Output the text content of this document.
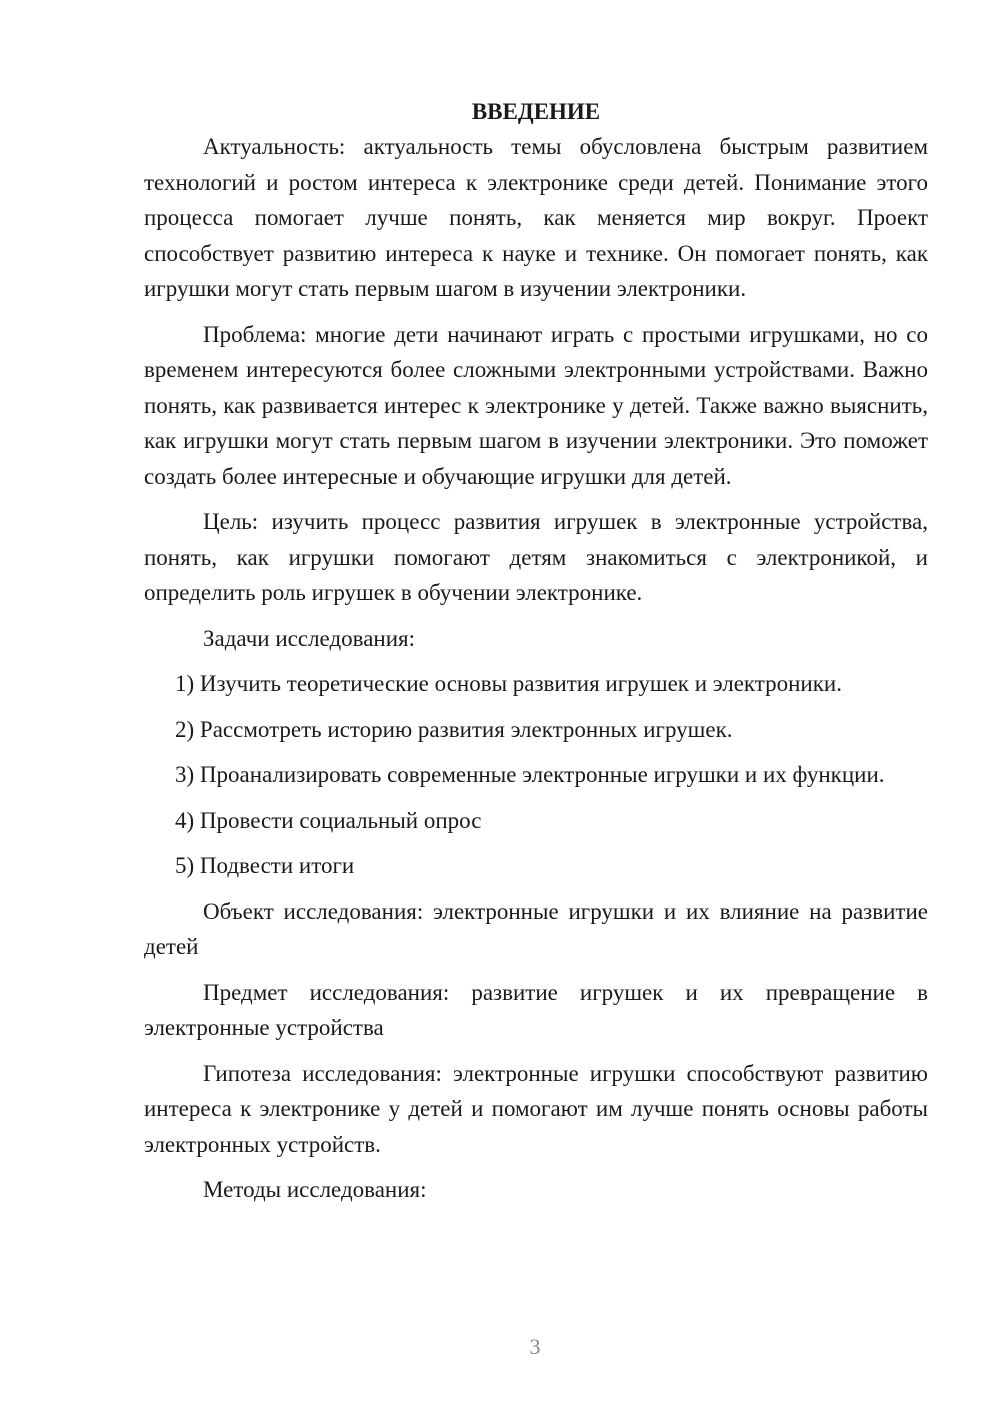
ВВЕДЕНИЕ

Актуальность: актуальность темы обусловлена быстрым развитием технологий и ростом интереса к электронике среди детей. Понимание этого процесса помогает лучше понять, как меняется мир вокруг. Проект способствует развитию интереса к науке и технике. Он помогает понять, как игрушки могут стать первым шагом в изучении электроники.

Проблема: многие дети начинают играть с простыми игрушками, но со временем интересуются более сложными электронными устройствами. Важно понять, как развивается интерес к электронике у детей. Также важно выяснить, как игрушки могут стать первым шагом в изучении электроники. Это поможет создать более интересные и обучающие игрушки для детей.

Цель: изучить процесс развития игрушек в электронные устройства, понять, как игрушки помогают детям знакомиться с электроникой, и определить роль игрушек в обучении электронике.

Задачи исследования:

1) Изучить теоретические основы развития игрушек и электроники.

2) Рассмотреть историю развития электронных игрушек.

3) Проанализировать современные электронные игрушки и их функции.

4) Провести социальный опрос

5) Подвести итоги

Объект исследования: электронные игрушки и их влияние на развитие детей

Предмет исследования: развитие игрушек и их превращение в электронные устройства

Гипотеза исследования: электронные игрушки способствуют развитию интереса к электронике у детей и помогают им лучше понять основы работы электронных устройств.

Методы исследования:

3
